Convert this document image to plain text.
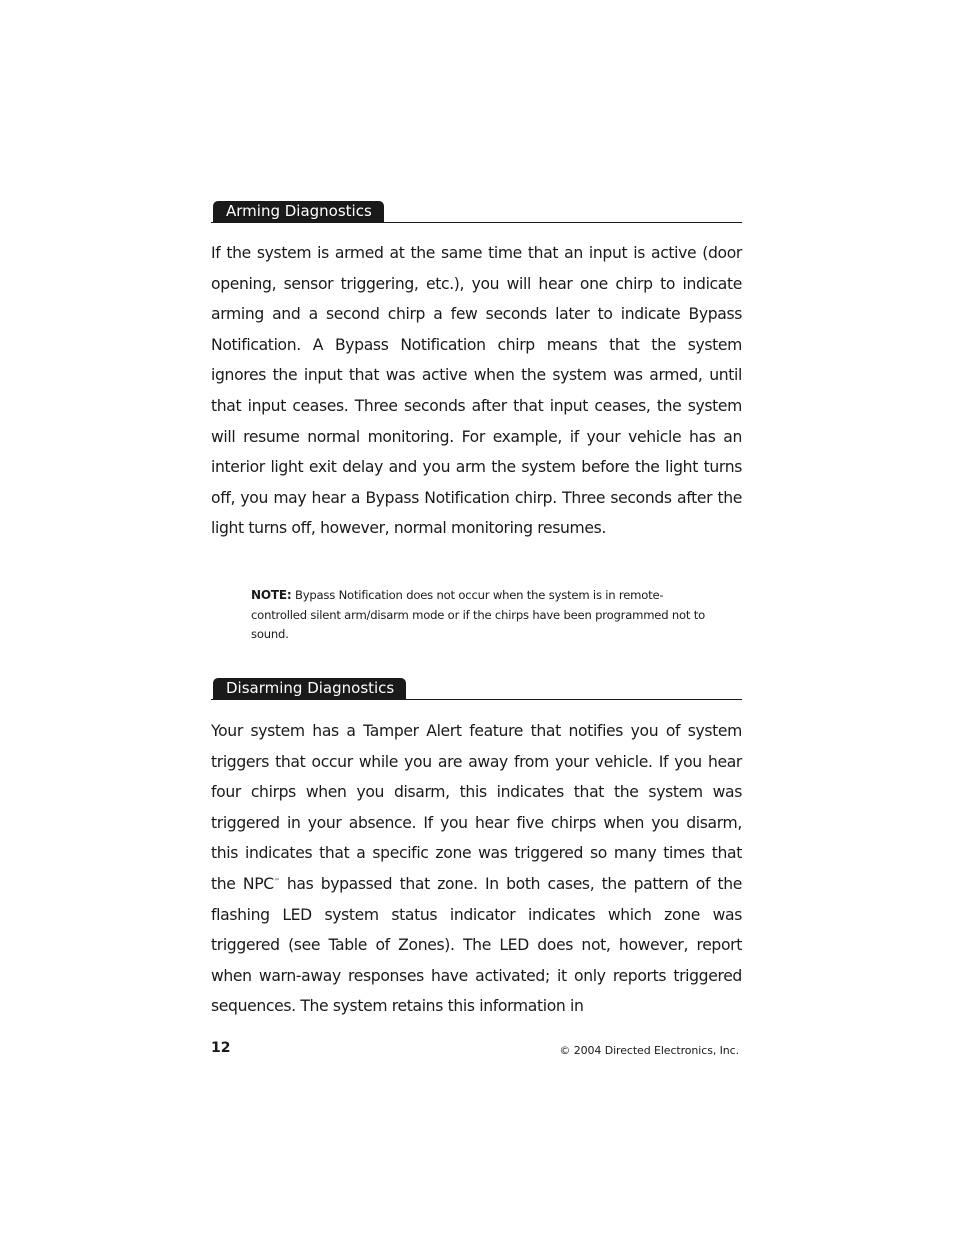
Arming Diagnostics

If the system is armed at the same time that an input is active (door opening, sensor triggering, etc.), you will hear one chirp to indicate arming and a second chirp a few seconds later to indicate Bypass Notification. A Bypass Notification chirp means that the system ignores the input that was active when the system was armed, until that input ceases. Three seconds after that input ceases, the system will resume normal monitoring. For example, if your vehicle has an interior light exit delay and you arm the system before the light turns off, you may hear a Bypass Notification chirp. Three seconds after the light turns off, however, normal monitoring resumes.

NOTE: Bypass Notification does not occur when the system is in remote-controlled silent arm/disarm mode or if the chirps have been programmed not to sound.

Disarming Diagnostics

Your system has a Tamper Alert feature that notifies you of system triggers that occur while you are away from your vehicle. If you hear four chirps when you disarm, this indicates that the system was triggered in your absence. If you hear five chirps when you disarm, this indicates that a specific zone was triggered so many times that the NPC™ has bypassed that zone. In both cases, the pattern of the flashing LED system status indicator indicates which zone was triggered (see Table of Zones). The LED does not, however, report when warn-away responses have activated; it only reports triggered sequences. The system retains this information in

12	© 2004 Directed Electronics, Inc.
